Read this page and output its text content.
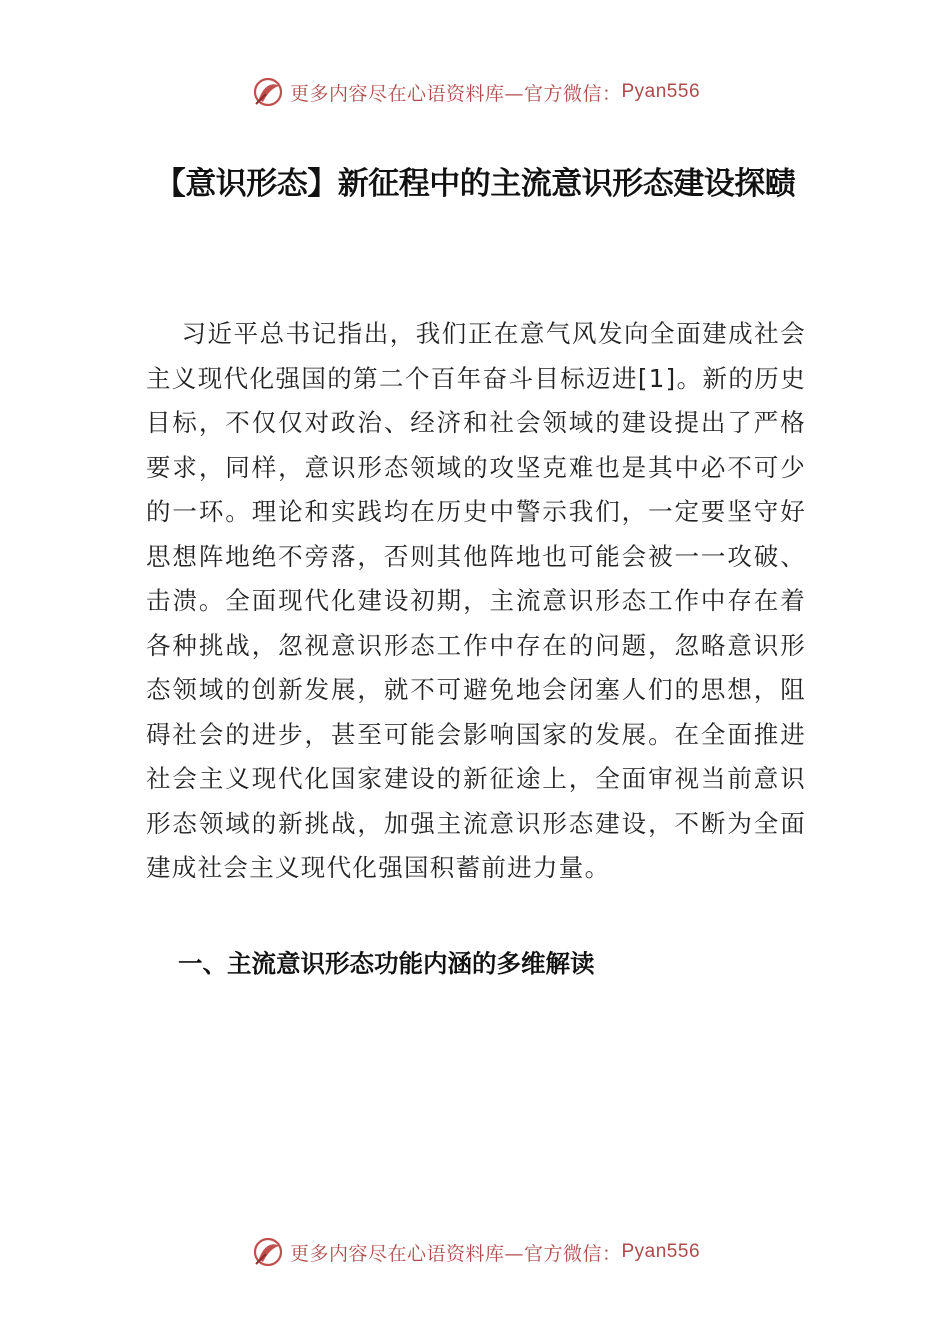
更多内容尽在心语资料库—官方微信： Pyan556
【意识形态】新征程中的主流意识形态建设探赜

习近平总书记指出，我们正在意气风发向全面建成社会主义现代化强国的第二个百年奋斗目标迈进[1]。新的历史目标，不仅仅对政治、经济和社会领域的建设提出了严格要求，同样，意识形态领域的攻坚克难也是其中必不可少的一环。理论和实践均在历史中警示我们，一定要坚守好思想阵地绝不旁落，否则其他阵地也可能会被一一攻破、击溃。全面现代化建设初期，主流意识形态工作中存在着各种挑战，忽视意识形态工作中存在的问题，忽略意识形态领域的创新发展，就不可避免地会闭塞人们的思想，阻碍社会的进步，甚至可能会影响国家的发展。在全面推进社会主义现代化国家建设的新征途上，全面审视当前意识形态领域的新挑战，加强主流意识形态建设，不断为全面建成社会主义现代化强国积蓄前进力量。

一、主流意识形态功能内涵的多维解读
更多内容尽在心语资料库—官方微信： Pyan556
